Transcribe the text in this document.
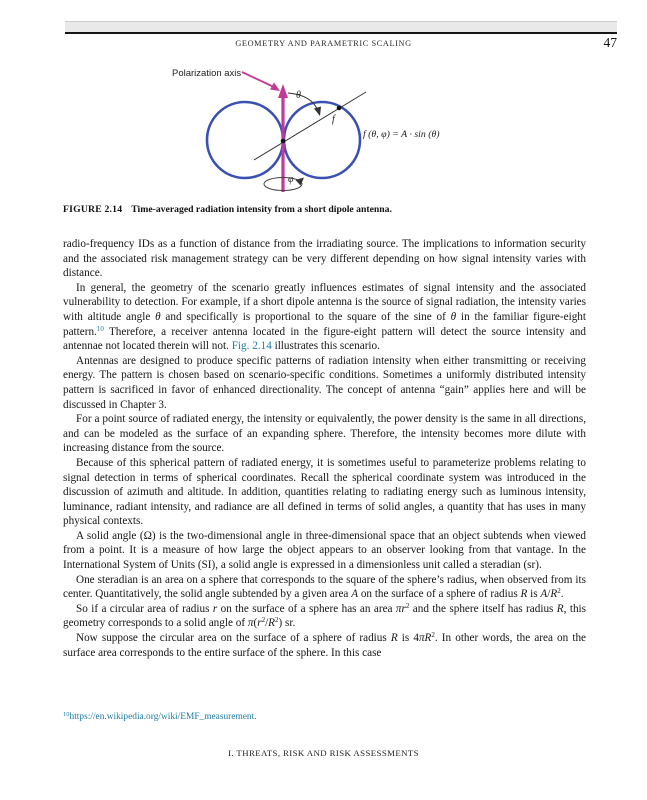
GEOMETRY AND PARAMETRIC SCALING	47
Polarization axis
θ
f
φ
f (θ, φ) = A · sin (θ)
FIGURE 2.14 Time-averaged radiation intensity from a short dipole antenna.

radio-frequency IDs as a function of distance from the irradiating source. The implications to information security and the associated risk management strategy can be very different depending on how signal intensity varies with distance.

In general, the geometry of the scenario greatly influences estimates of signal intensity and the associated vulnerability to detection. For example, if a short dipole antenna is the source of signal radiation, the intensity varies with altitude angle θ and specifically is proportional to the square of the sine of θ in the familiar figure-eight pattern.$^{10}$ Therefore, a receiver antenna located in the figure-eight pattern will detect the source intensity and antennae not located therein will not. Fig. 2.14 illustrates this scenario.

Antennas are designed to produce specific patterns of radiation intensity when either transmitting or receiving energy. The pattern is chosen based on scenario-specific conditions. Sometimes a uniformly distributed intensity pattern is sacrificed in favor of enhanced directionality. The concept of antenna “gain” applies here and will be discussed in Chapter 3.

For a point source of radiated energy, the intensity or equivalently, the power density is the same in all directions, and can be modeled as the surface of an expanding sphere. Therefore, the intensity becomes more dilute with increasing distance from the source.

Because of this spherical pattern of radiated energy, it is sometimes useful to parameterize problems relating to signal detection in terms of spherical coordinates. Recall the spherical coordinate system was introduced in the discussion of azimuth and altitude. In addition, quantities relating to radiating energy such as luminous intensity, luminance, radiant intensity, and radiance are all defined in terms of solid angles, a quantity that has uses in many physical contexts.

A solid angle (Ω) is the two-dimensional angle in three-dimensional space that an object subtends when viewed from a point. It is a measure of how large the object appears to an observer looking from that vantage. In the International System of Units (SI), a solid angle is expressed in a dimensionless unit called a steradian (sr).

One steradian is an area on a sphere that corresponds to the square of the sphere’s radius, when observed from its center. Quantitatively, the solid angle subtended by a given area A on the surface of a sphere of radius R is $A/R^2$.

So if a circular area of radius r on the surface of a sphere has an area $\pi r^2$ and the sphere itself has radius R, this geometry corresponds to a solid angle of $\pi(r^2/R^2)$ sr.

Now suppose the circular area on the surface of a sphere of radius R is $4\pi R^2$. In other words, the area on the surface area corresponds to the entire surface of the sphere. In this case

$^{10}$https://en.wikipedia.org/wiki/EMF_measurement.
I. THREATS, RISK AND RISK ASSESSMENTS
